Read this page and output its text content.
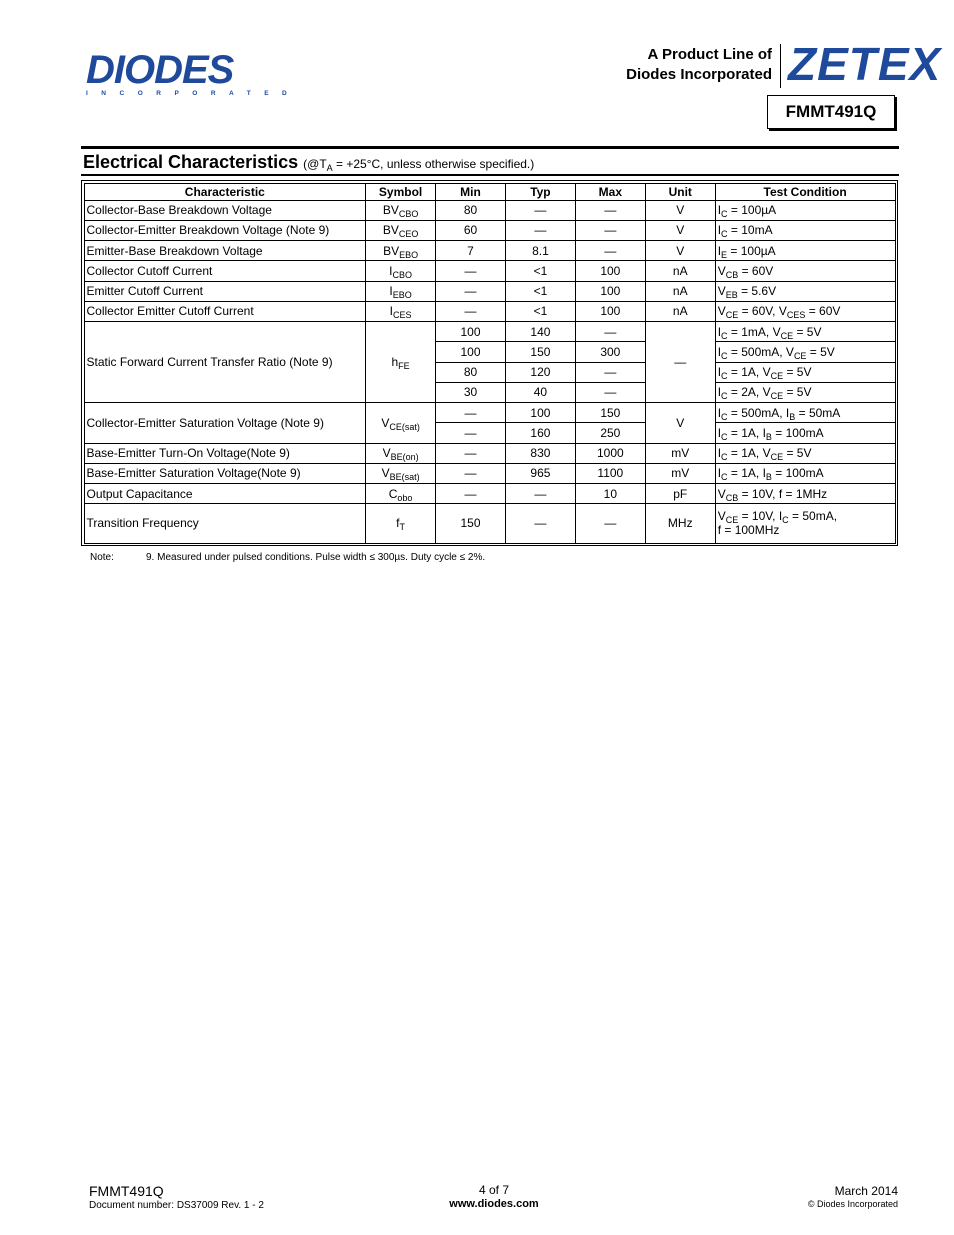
DIODES
INCORPORATED
A Product Line of
Diodes Incorporated ZETEX
FMMT491Q
Electrical Characteristics ($@T_A = +25^\circ C$, unless otherwise specified.)
Characteristic	Symbol	Min	Typ	Max	Unit	Test Condition
Collector-Base Breakdown Voltage	$BV_{CBO}$	80	—	—	V	$I_C = 100\mu A$
Collector-Emitter Breakdown Voltage (Note 9)	$BV_{CEO}$	60	—	—	V	$I_C = 10mA$
Emitter-Base Breakdown Voltage	$BV_{EBO}$	7	8.1	—	V	$I_E = 100\mu A$
Collector Cutoff Current	$I_{CBO}$	—	<1	100	nA	$V_{CB} = 60V$
Emitter Cutoff Current	$I_{EBO}$	—	<1	100	nA	$V_{EB} = 5.6V$
Collector Emitter Cutoff Current	$I_{CES}$	—	<1	100	nA	$V_{CE} = 60V$, $V_{CES} = 60V$
Static Forward Current Transfer Ratio (Note 9)	$h_{FE}$	100	140	—	—	$I_C = 1mA$, $V_{CE} = 5V$
		100	150	300		$I_C = 500mA$, $V_{CE} = 5V$
		80	120	—		$I_C = 1A$, $V_{CE} = 5V$
		30	40	—		$I_C = 2A$, $V_{CE} = 5V$
Collector-Emitter Saturation Voltage (Note 9)	$V_{CE(sat)}$	—	100	150	V	$I_C = 500mA$, $I_B = 50mA$
		—	160	250		$I_C = 1A$, $I_B = 100mA$
Base-Emitter Turn-On Voltage(Note 9)	$V_{BE(on)}$	—	830	1000	mV	$I_C = 1A$, $V_{CE} = 5V$
Base-Emitter Saturation Voltage(Note 9)	$V_{BE(sat)}$	—	965	1100	mV	$I_C = 1A$, $I_B = 100mA$
Output Capacitance	$C_{obo}$	—	—	10	pF	$V_{CB} = 10V$, f = 1MHz
Transition Frequency	$f_T$	150	—	—	MHz	$V_{CE} = 10V$, $I_C = 50mA$,
f = 100MHz
Note:	9. Measured under pulsed conditions. Pulse width ≤ 300µs. Duty cycle ≤ 2%.
FMMT491Q
Document number: DS37009 Rev. 1 - 2
4 of 7
www.diodes.com
March 2014
© Diodes Incorporated
